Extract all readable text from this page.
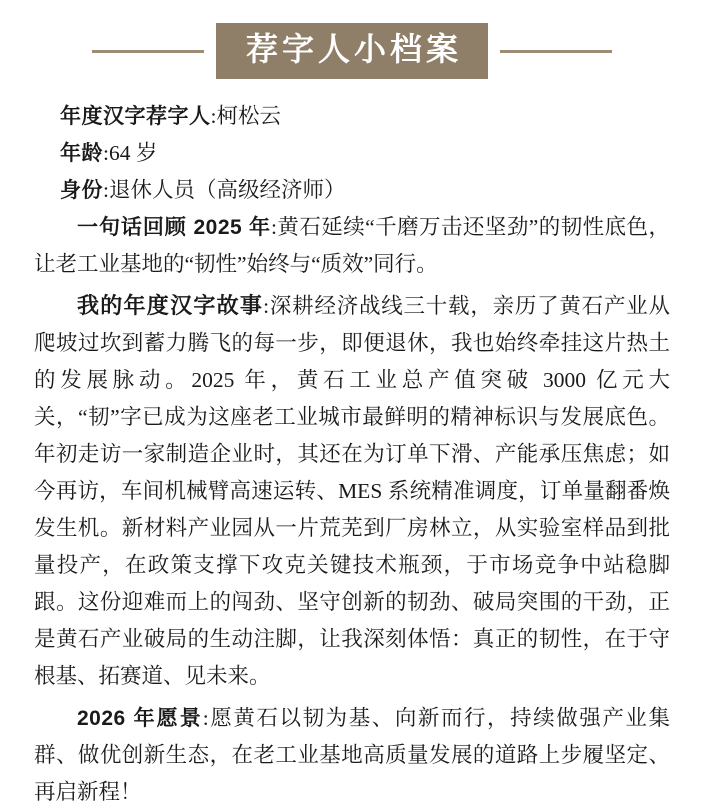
荐字人小档案

年度汉字荐字人:柯松云

年龄:64 岁

身份:退休人员（高级经济师）

一句话回顾 2025 年:黄石延续“千磨万击还坚劲”的韧性底色，让老工业基地的“韧性”始终与“质效”同行。

我的年度汉字故事:深耕经济战线三十载，亲历了黄石产业从爬坡过坎到蓄力腾飞的每一步，即便退休，我也始终牵挂这片热土的发展脉动。2025 年，黄石工业总产值突破 3000 亿元大关，“韧”字已成为这座老工业城市最鲜明的精神标识与发展底色。年初走访一家制造企业时，其还在为订单下滑、产能承压焦虑；如今再访，车间机械臂高速运转、MES 系统精准调度，订单量翻番焕发生机。新材料产业园从一片荒芜到厂房林立，从实验室样品到批量投产，在政策支撑下攻克关键技术瓶颈，于市场竞争中站稳脚跟。这份迎难而上的闯劲、坚守创新的韧劲、破局突围的干劲，正是黄石产业破局的生动注脚，让我深刻体悟：真正的韧性，在于守根基、拓赛道、见未来。

2026 年愿景:愿黄石以韧为基、向新而行，持续做强产业集群、做优创新生态，在老工业基地高质量发展的道路上步履坚定、再启新程！
